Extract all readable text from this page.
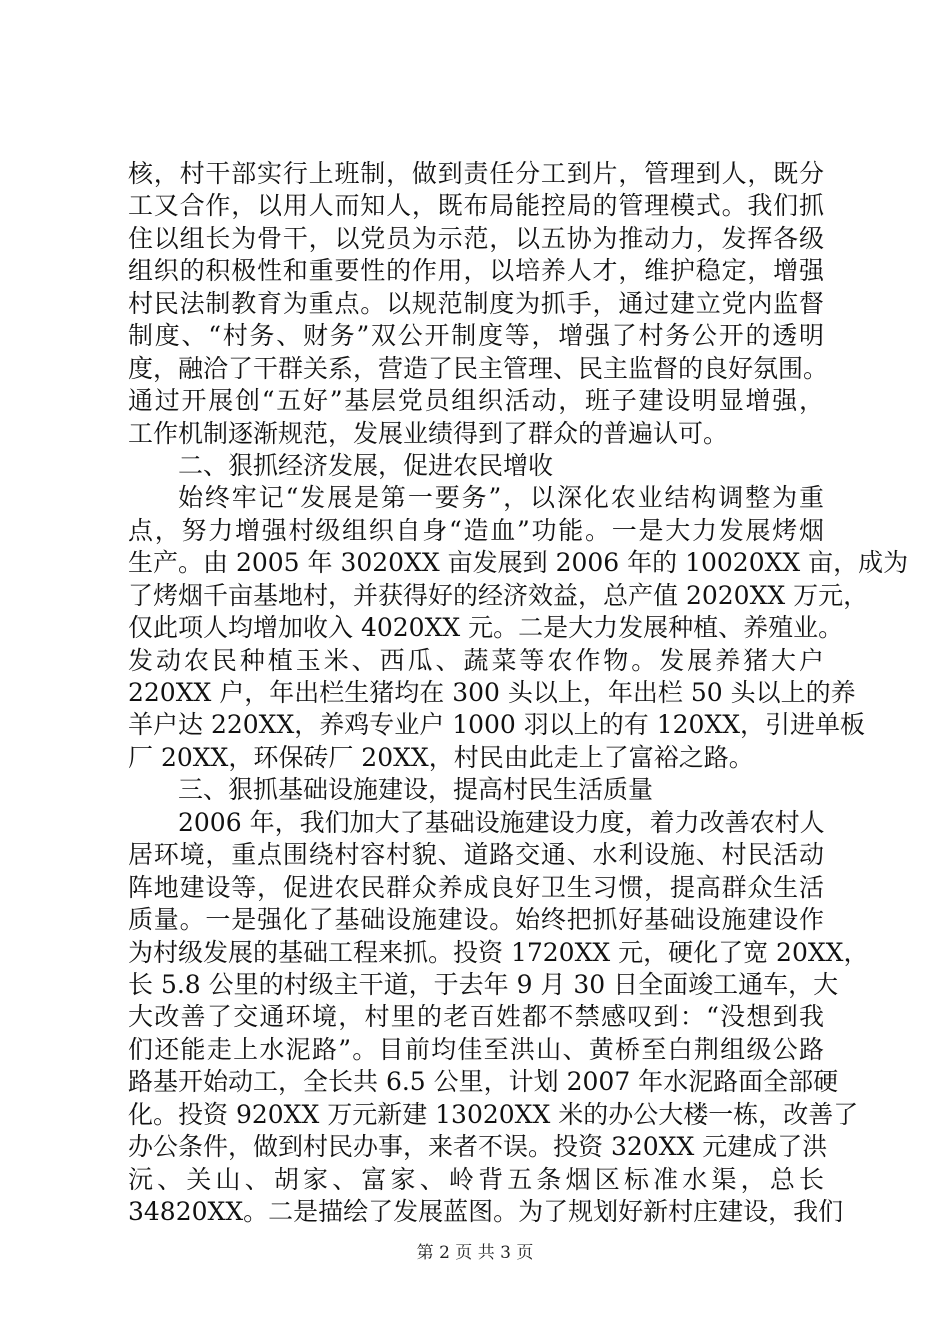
核，村干部实行上班制，做到责任分工到片，管理到人，既分
工又合作，以用人而知人，既布局能控局的管理模式。我们抓
住以组长为骨干，以党员为示范，以五协为推动力，发挥各级
组织的积极性和重要性的作用，以培养人才，维护稳定，增强
村民法制教育为重点。以规范制度为抓手，通过建立党内监督
制度、“村务、财务”双公开制度等，增强了村务公开的透明
度，融洽了干群关系，营造了民主管理、民主监督的良好氛围。
通过开展创“五好”基层党员组织活动，班子建设明显增强，
工作机制逐渐规范，发展业绩得到了群众的普遍认可。
二、狠抓经济发展，促进农民增收
始终牢记“发展是第一要务”，以深化农业结构调整为重
点，努力增强村级组织自身“造血”功能。一是大力发展烤烟
生产。由 2005 年 3020XX 亩发展到 2006 年的 10020XX 亩，成为
了烤烟千亩基地村，并获得好的经济效益，总产值 2020XX 万元，
仅此项人均增加收入 4020XX 元。二是大力发展种植、养殖业。
发动农民种植玉米、西瓜、蔬菜等农作物。发展养猪大户
220XX 户，年出栏生猪均在 300 头以上，年出栏 50 头以上的养
羊户达 220XX，养鸡专业户 1000 羽以上的有 120XX，引进单板
厂 20XX，环保砖厂 20XX，村民由此走上了富裕之路。
三、狠抓基础设施建设，提高村民生活质量
2006 年，我们加大了基础设施建设力度，着力改善农村人
居环境，重点围绕村容村貌、道路交通、水利设施、村民活动
阵地建设等，促进农民群众养成良好卫生习惯，提高群众生活
质量。一是强化了基础设施建设。始终把抓好基础设施建设作
为村级发展的基础工程来抓。投资 1720XX 元，硬化了宽 20XX，
长 5.8 公里的村级主干道，于去年 9 月 30 日全面竣工通车，大
大改善了交通环境，村里的老百姓都不禁感叹到：“没想到我
们还能走上水泥路”。目前均佳至洪山、黄桥至白荆组级公路
路基开始动工，全长共 6.5 公里，计划 2007 年水泥路面全部硬
化。投资 920XX 万元新建 13020XX 米的办公大楼一栋，改善了
办公条件，做到村民办事，来者不误。投资 320XX 元建成了洪
沅、关山、胡家、富家、岭背五条烟区标准水渠，总长
34820XX。二是描绘了发展蓝图。为了规划好新村庄建设，我们
第 2 页 共 3 页
